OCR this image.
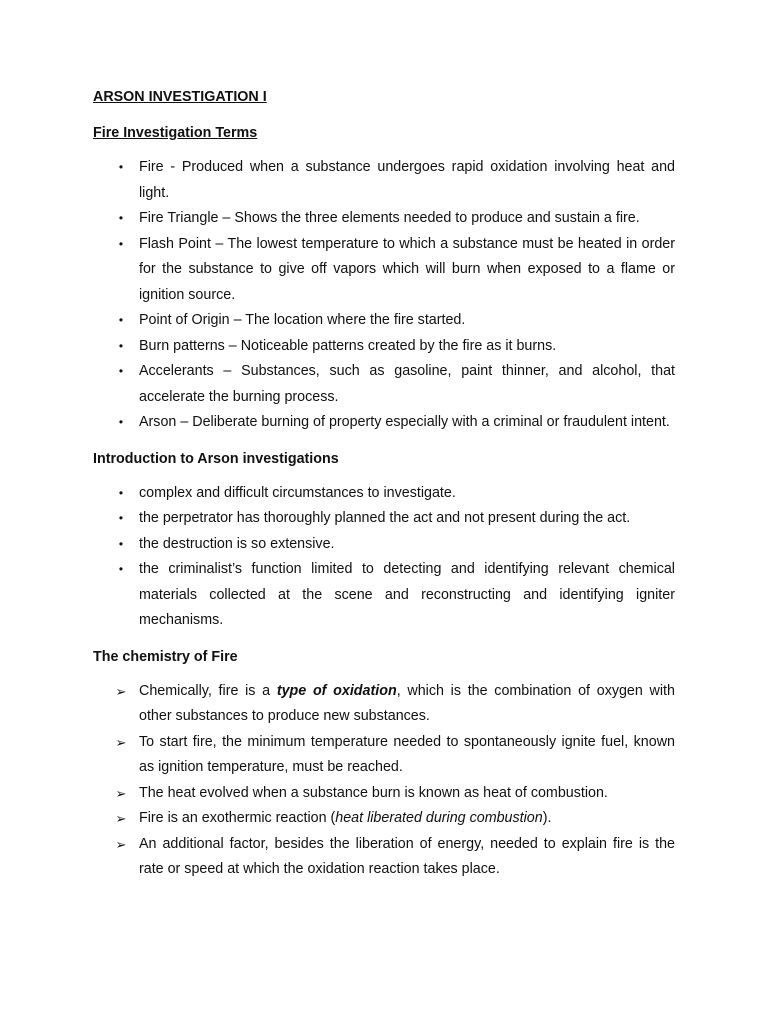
ARSON INVESTIGATION I
Fire Investigation Terms
•	Fire - Produced when a substance undergoes rapid oxidation involving heat and light.
•	Fire Triangle – Shows the three elements needed to produce and sustain a fire.
•	Flash Point – The lowest temperature to which a substance must be heated in order for the substance to give off vapors which will burn when exposed to a flame or ignition source.
•	Point of Origin – The location where the fire started.
•	Burn patterns – Noticeable patterns created by the fire as it burns.
•	Accelerants – Substances, such as gasoline, paint thinner, and alcohol, that accelerate the burning process.
•	Arson – Deliberate burning of property especially with a criminal or fraudulent intent.
Introduction to Arson investigations
•	complex and difficult circumstances to investigate.
•	the perpetrator has thoroughly planned the act and not present during the act.
•	the destruction is so extensive.
•	the criminalist’s function limited to detecting and identifying relevant chemical materials collected at the scene and reconstructing and identifying igniter mechanisms.
The chemistry of Fire
➢ Chemically, fire is a type of oxidation, which is the combination of oxygen with other substances to produce new substances.
➢ To start fire, the minimum temperature needed to spontaneously ignite fuel, known as ignition temperature, must be reached.
➢ The heat evolved when a substance burn is known as heat of combustion.
➢ Fire is an exothermic reaction (heat liberated during combustion).
➢ An additional factor, besides the liberation of energy, needed to explain fire is the rate or speed at which the oxidation reaction takes place.
